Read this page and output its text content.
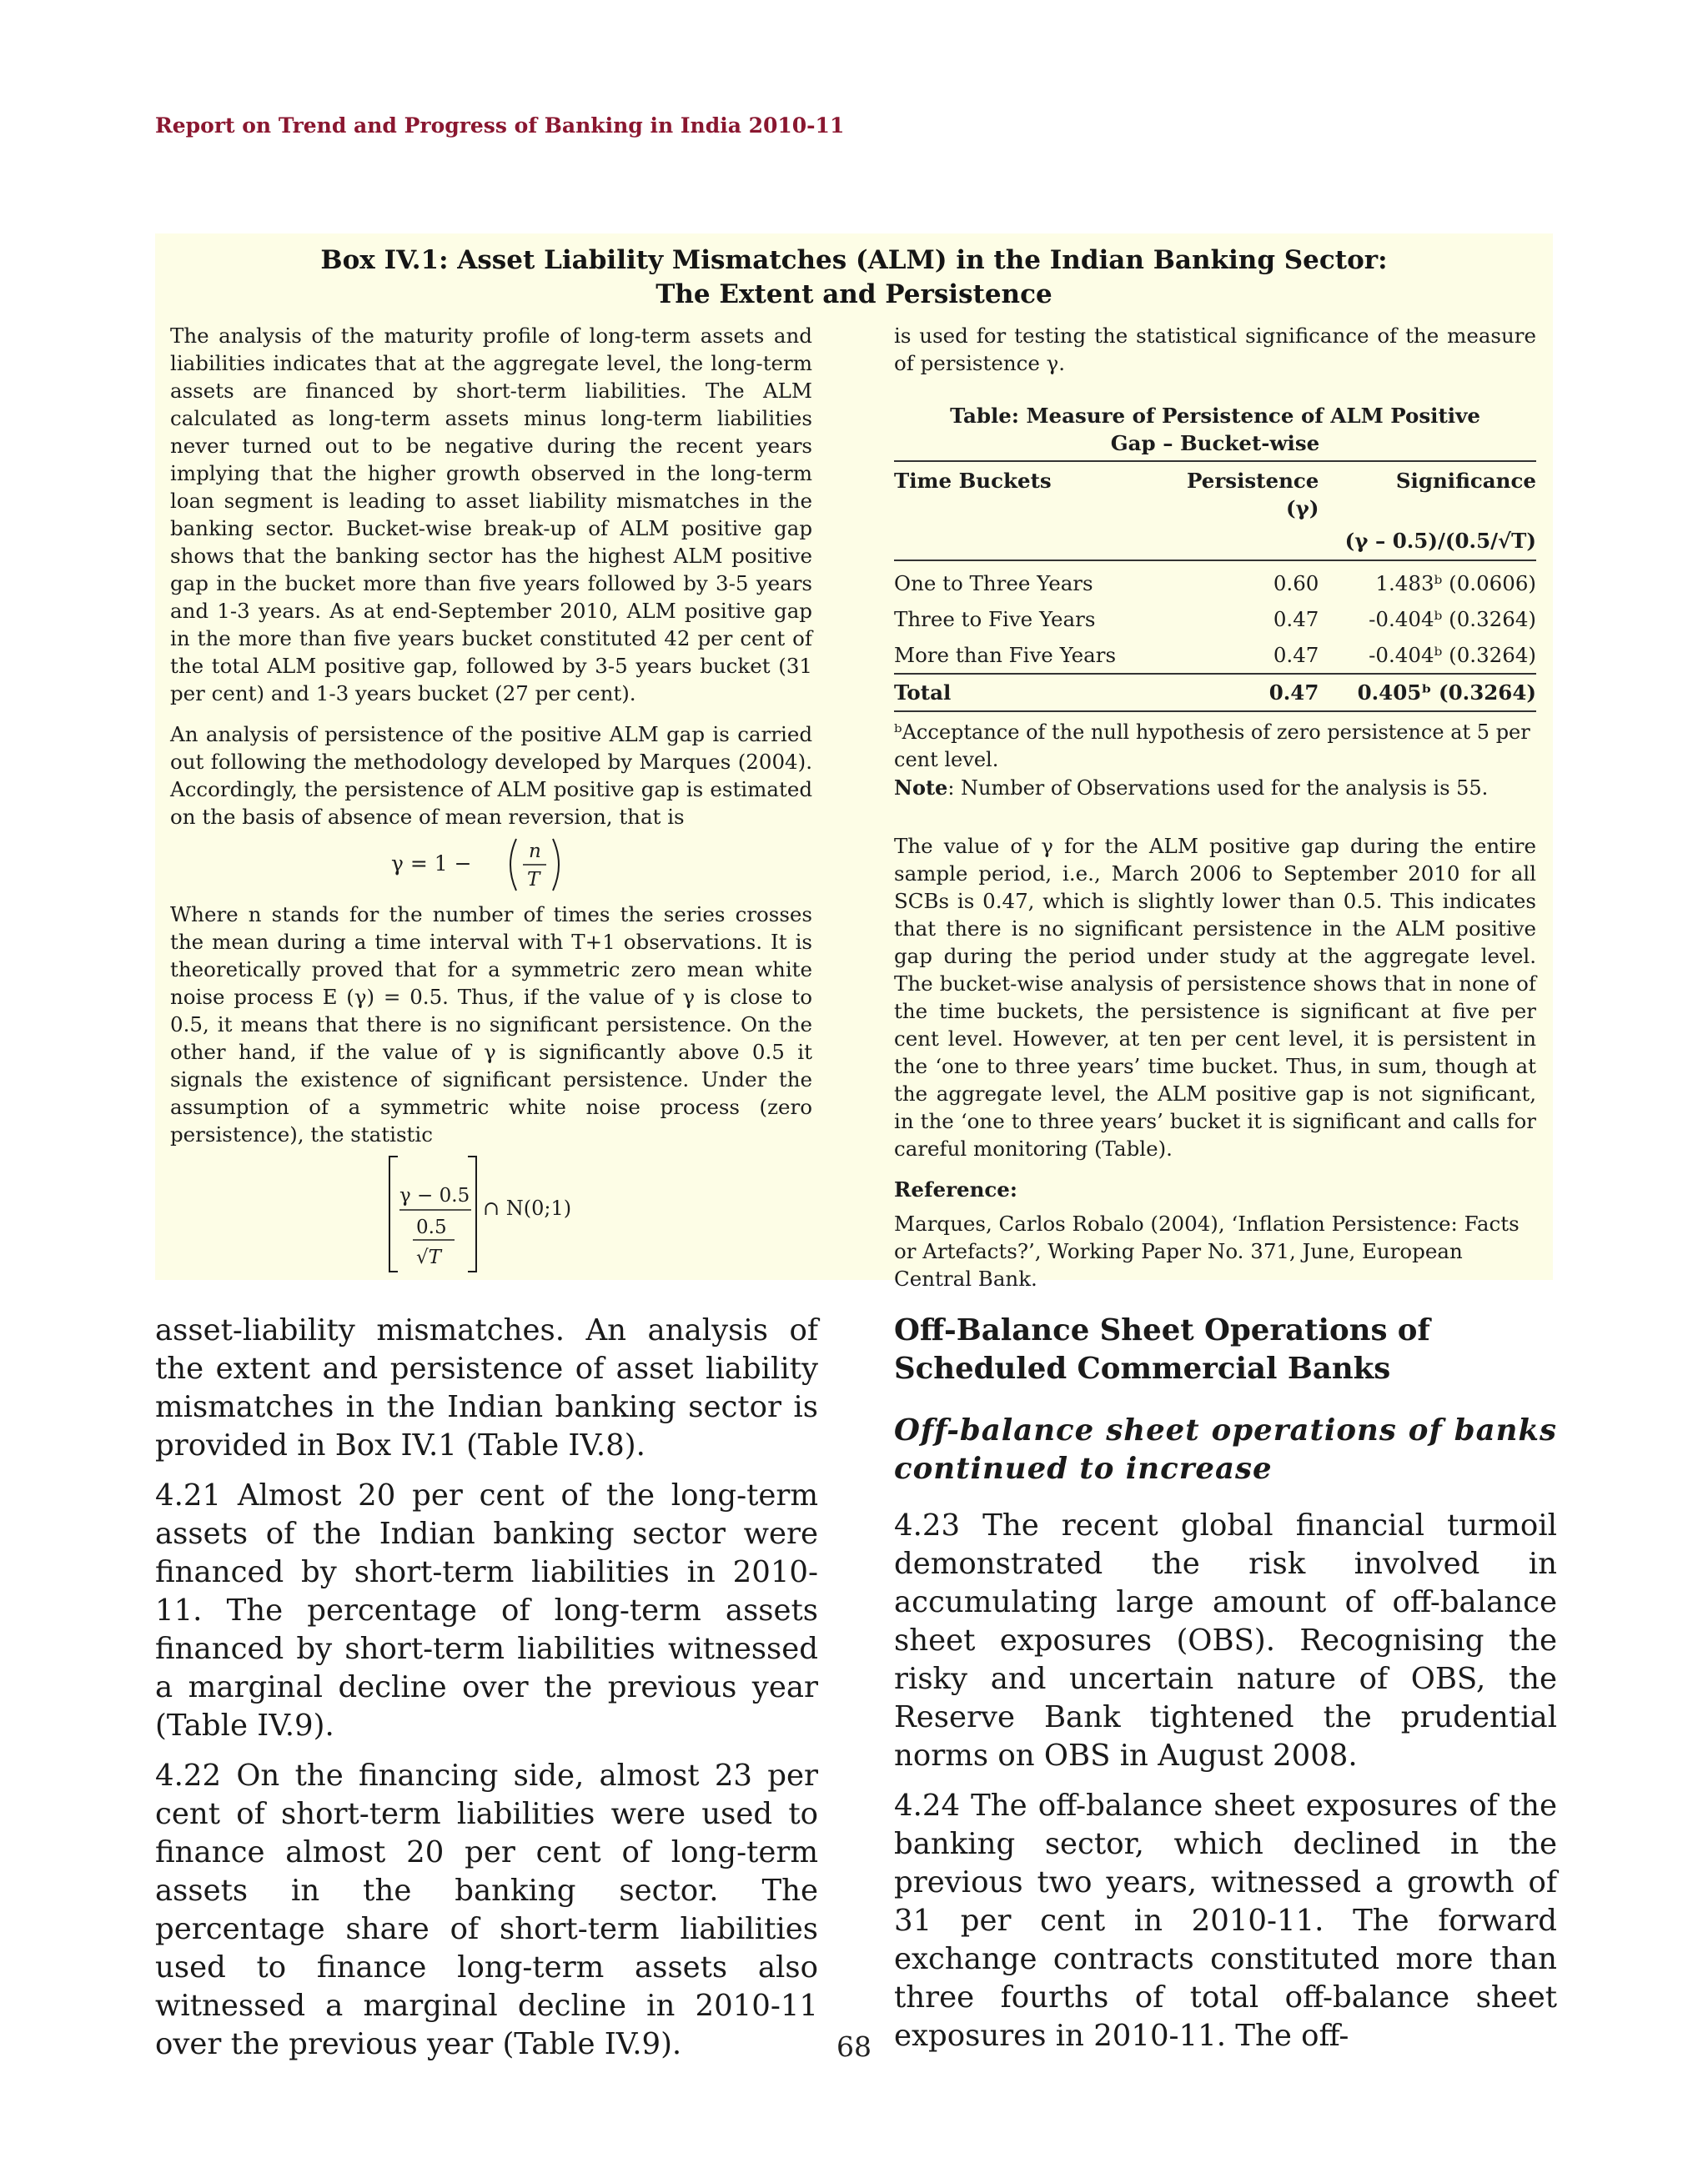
Report on Trend and Progress of Banking in India 2010-11
Box IV.1: Asset Liability Mismatches (ALM) in the Indian Banking Sector:
The Extent and Persistence

The analysis of the maturity profile of long-term assets and liabilities indicates that at the aggregate level, the long-term assets are financed by short-term liabilities. The ALM calculated as long-term assets minus long-term liabilities never turned out to be negative during the recent years implying that the higher growth observed in the long-term loan segment is leading to asset liability mismatches in the banking sector. Bucket-wise break-up of ALM positive gap shows that the banking sector has the highest ALM positive gap in the bucket more than five years followed by 3-5 years and 1-3 years. As at end-September 2010, ALM positive gap in the more than five years bucket constituted 42 per cent of the total ALM positive gap, followed by 3-5 years bucket (31 per cent) and 1-3 years bucket (27 per cent).

An analysis of persistence of the positive ALM gap is carried out following the methodology developed by Marques (2004). Accordingly, the persistence of ALM positive gap is estimated on the basis of absence of mean reversion, that is

γ = 1 −	n
T

Where n stands for the number of times the series crosses the mean during a time interval with T+1 observations. It is theoretically proved that for a symmetric zero mean white noise process E (γ) = 0.5. Thus, if the value of γ is close to 0.5, it means that there is no significant persistence. On the other hand, if the value of γ is significantly above 0.5 it signals the existence of significant persistence. Under the assumption of a symmetric white noise process (zero persistence), the statistic

γ − 0.5
0.5
√T
∩ N(0;1)

is used for testing the statistical significance of the measure of persistence γ.

Table: Measure of Persistence of ALM Positive
Gap – Bucket-wise
Time Buckets	Persistence (γ)	Significance
		(γ – 0.5)/(0.5/√T)
One to Three Years	0.60	1.483ᵇ (0.0606)
Three to Five Years	0.47	-0.404ᵇ (0.3264)
More than Five Years	0.47	-0.404ᵇ (0.3264)
Total	0.47	0.405ᵇ (0.3264)
ᵇAcceptance of the null hypothesis of zero persistence at 5 per cent level.
Note: Number of Observations used for the analysis is 55.

The value of γ for the ALM positive gap during the entire sample period, i.e., March 2006 to September 2010 for all SCBs is 0.47, which is slightly lower than 0.5. This indicates that there is no significant persistence in the ALM positive gap during the period under study at the aggregate level. The bucket-wise analysis of persistence shows that in none of the time buckets, the persistence is significant at five per cent level. However, at ten per cent level, it is persistent in the ‘one to three years’ time bucket. Thus, in sum, though at the aggregate level, the ALM positive gap is not significant, in the ‘one to three years’ bucket it is significant and calls for careful monitoring (Table).

Reference:

Marques, Carlos Robalo (2004), ‘Inflation Persistence: Facts or Artefacts?’, Working Paper No. 371, June, European Central Bank.

asset-liability mismatches. An analysis of the extent and persistence of asset liability mismatches in the Indian banking sector is provided in Box IV.1 (Table IV.8).

4.21 Almost 20 per cent of the long-term assets of the Indian banking sector were financed by short-term liabilities in 2010-11. The percentage of long-term assets financed by short-term liabilities witnessed a marginal decline over the previous year (Table IV.9).

4.22 On the financing side, almost 23 per cent of short-term liabilities were used to finance almost 20 per cent of long-term assets in the banking sector. The percentage share of short-term liabilities used to finance long-term assets also witnessed a marginal decline in 2010-11 over the previous year (Table IV.9).

Off-Balance Sheet Operations of Scheduled Commercial Banks
Off-balance sheet operations of banks continued to increase

4.23 The recent global financial turmoil demonstrated the risk involved in accumulating large amount of off-balance sheet exposures (OBS). Recognising the risky and uncertain nature of OBS, the Reserve Bank tightened the prudential norms on OBS in August 2008.

4.24 The off-balance sheet exposures of the banking sector, which declined in the previous two years, witnessed a growth of 31 per cent in 2010-11. The forward exchange contracts constituted more than three fourths of total off-balance sheet exposures in 2010-11. The off-

68
